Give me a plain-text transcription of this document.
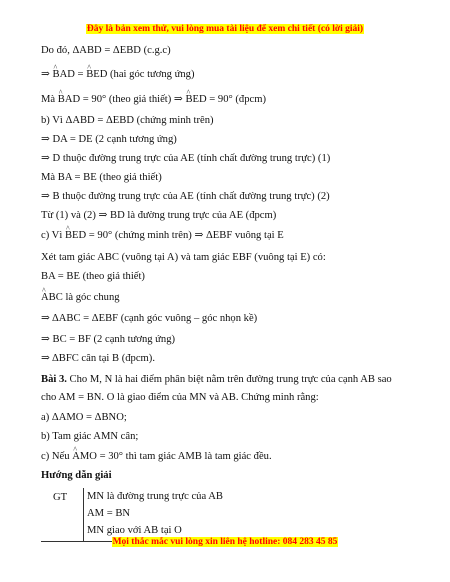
Đây là bản xem thử, vui lòng mua tài liệu để xem chi tiết (có lời giải)
Do đó, ΔABD = ΔEBD (c.g.c)
⇒ ^ BAD = ^ BED (hai góc tương ứng)
Mà ^ BAD = 90° (theo giả thiết) ⇒ ^ BED = 90° (đpcm)
b) Vì ΔABD = ΔEBD (chứng minh trên)
⇒ DA = DE (2 cạnh tương ứng)
⇒ D thuộc đường trung trực của AE (tính chất đường trung trực) (1)
Mà BA = BE (theo giả thiết)
⇒ B thuộc đường trung trực của AE (tính chất đường trung trực) (2)
Từ (1) và (2) ⇒ BD là đường trung trực của AE (đpcm)
c) Vì ^ BED = 90° (chứng minh trên) ⇒ ΔEBF vuông tại E
Xét tam giác ABC (vuông tại A) và tam giác EBF (vuông tại E) có:
BA = BE (theo giả thiết)
^ ABC là góc chung
⇒ ΔABC = ΔEBF (cạnh góc vuông – góc nhọn kề)
⇒ BC = BF (2 cạnh tương ứng)
⇒ ΔBFC cân tại B (đpcm).
Bài 3. Cho M, N là hai điểm phân biệt nằm trên đường trung trực của cạnh AB sao
cho AM = BN. O là giao điểm của MN và AB. Chứng minh rằng:
a) ΔAMO = ΔBNO;
b) Tam giác AMN cân;
c) Nếu ^ AMO = 30° thì tam giác AMB là tam giác đều.
Hướng dẫn giải
GT MN là đường trung trực của AB
AM = BN
MN giao với AB tại O
Mọi thắc mắc vui lòng xin liên hệ hotline: 084 283 45 85
